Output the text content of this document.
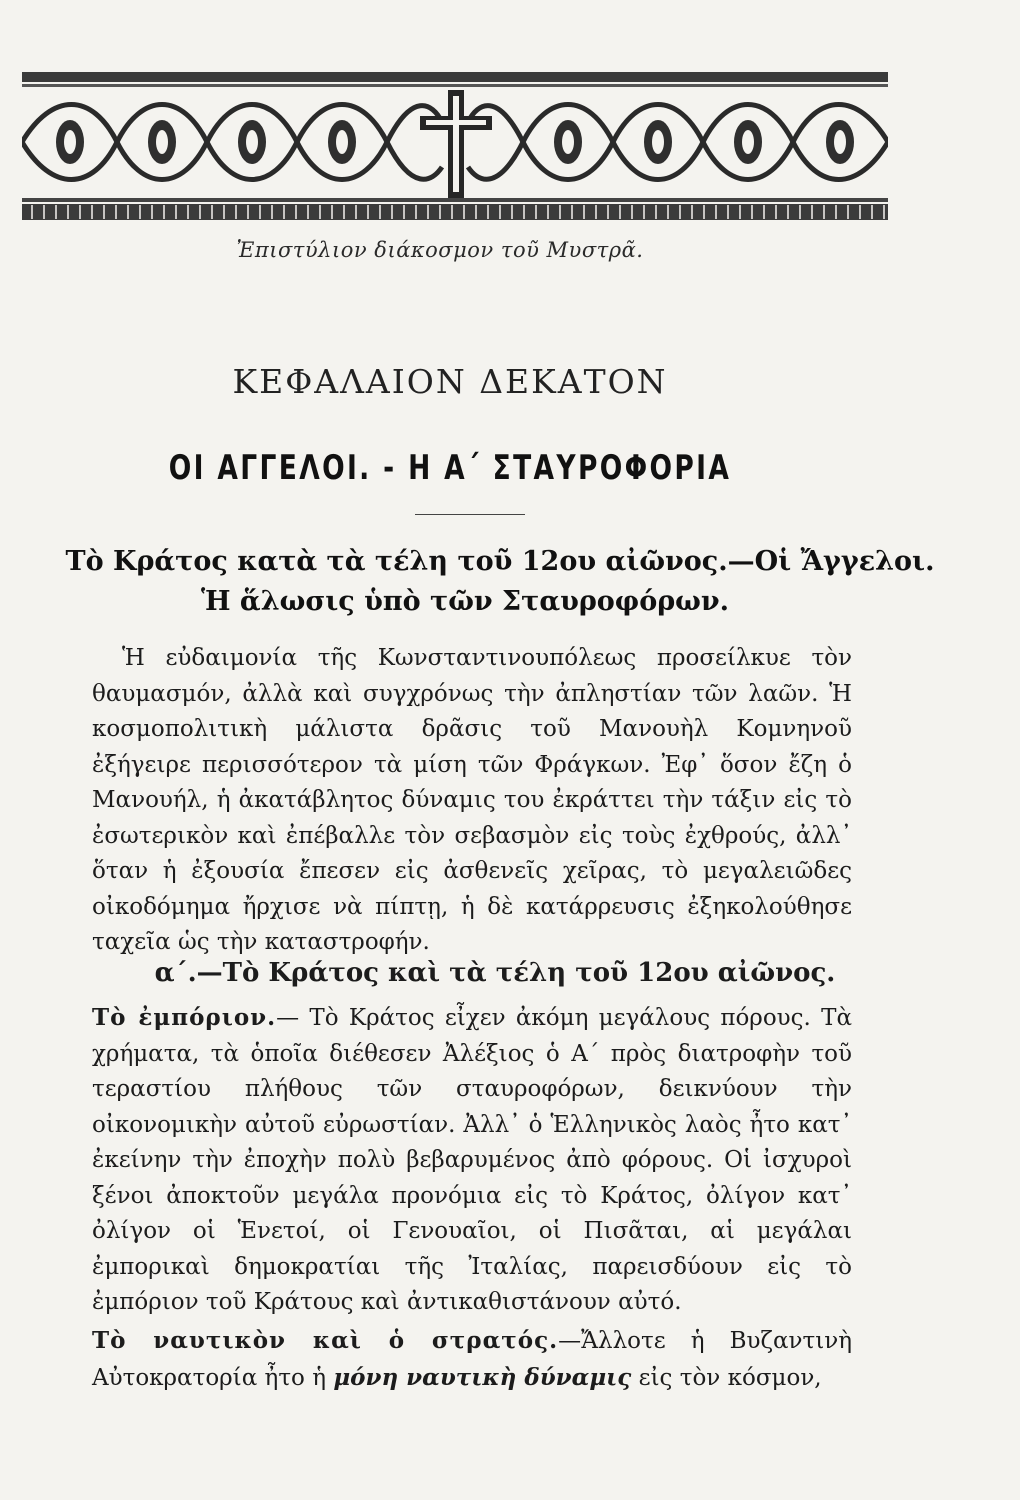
Ἐπιστύλιον διάκοσμον τοῦ Μυστρᾶ.
ΚΕΦΑΛΑΙΟΝ ΔΕΚΑΤΟΝ
ΟΙ ΑΓΓΕΛΟΙ. - Η Α΄ ΣΤΑΥΡΟΦΟΡΙΑ
Τὸ Κράτος κατὰ τὰ τέλη τοῦ 12ου αἰῶνος.—Οἱ Ἄγγελοι.
Ἡ ἅλωσις ὑπὸ τῶν Σταυροφόρων.

Ἡ εὐδαιμονία τῆς Κωνσταντινουπόλεως προσείλκυε τὸν θαυμασμόν, ἀλλὰ καὶ συγχρόνως τὴν ἀπληστίαν τῶν λαῶν. Ἡ κοσμοπολιτικὴ μάλιστα δρᾶσις τοῦ Μανουὴλ Κομνηνοῦ ἐξήγειρε περισσότερον τὰ μίση τῶν Φράγκων. Ἐφ᾽ ὅσον ἔζη ὁ Μανουήλ, ἡ ἀκατάβλητος δύναμις του ἐκράττει τὴν τάξιν εἰς τὸ ἐσωτερικὸν καὶ ἐπέβαλλε τὸν σεβασμὸν εἰς τοὺς ἐχθρούς, ἀλλ᾽ ὅταν ἡ ἐξουσία ἔπεσεν εἰς ἀσθενεῖς χεῖρας, τὸ μεγαλειῶδες οἰκοδόμημα ἤρχισε νὰ πίπτῃ, ἡ δὲ κατάρρευσις ἐξηκολούθησε ταχεῖα ὡς τὴν καταστροφήν.

α΄.—Τὸ Κράτος καὶ τὰ τέλη τοῦ 12ου αἰῶνος.

Τὸ ἐμπόριον.— Τὸ Κράτος εἶχεν ἀκόμη μεγάλους πόρους. Τὰ χρήματα, τὰ ὁποῖα διέθεσεν Ἀλέξιος ὁ Α΄ πρὸς διατροφὴν τοῦ τεραστίου πλήθους τῶν σταυροφόρων, δεικνύουν τὴν οἰκονομικὴν αὐτοῦ εὐρωστίαν. Ἀλλ᾽ ὁ Ἑλληνικὸς λαὸς ἦτο κατ᾽ ἐκείνην τὴν ἐποχὴν πολὺ βεβαρυμένος ἀπὸ φόρους. Οἱ ἰσχυροὶ ξένοι ἀποκτοῦν μεγάλα προνόμια εἰς τὸ Κράτος, ὀλίγον κατ᾽ ὀλίγον οἱ Ἑνετοί, οἱ Γενουαῖοι, οἱ Πισᾶται, αἱ μεγάλαι ἐμπορικαὶ δημοκρατίαι τῆς Ἰταλίας, παρεισδύουν εἰς τὸ ἐμπόριον τοῦ Κράτους καὶ ἀντικαθιστάνουν αὐτό.

Τὸ ναυτικὸν καὶ ὁ στρατός.—Ἄλλοτε ἡ Βυζαντινὴ Αὐτοκρατορία ἦτο ἡ μόνη ναυτικὴ δύναμις εἰς τὸν κόσμον,
